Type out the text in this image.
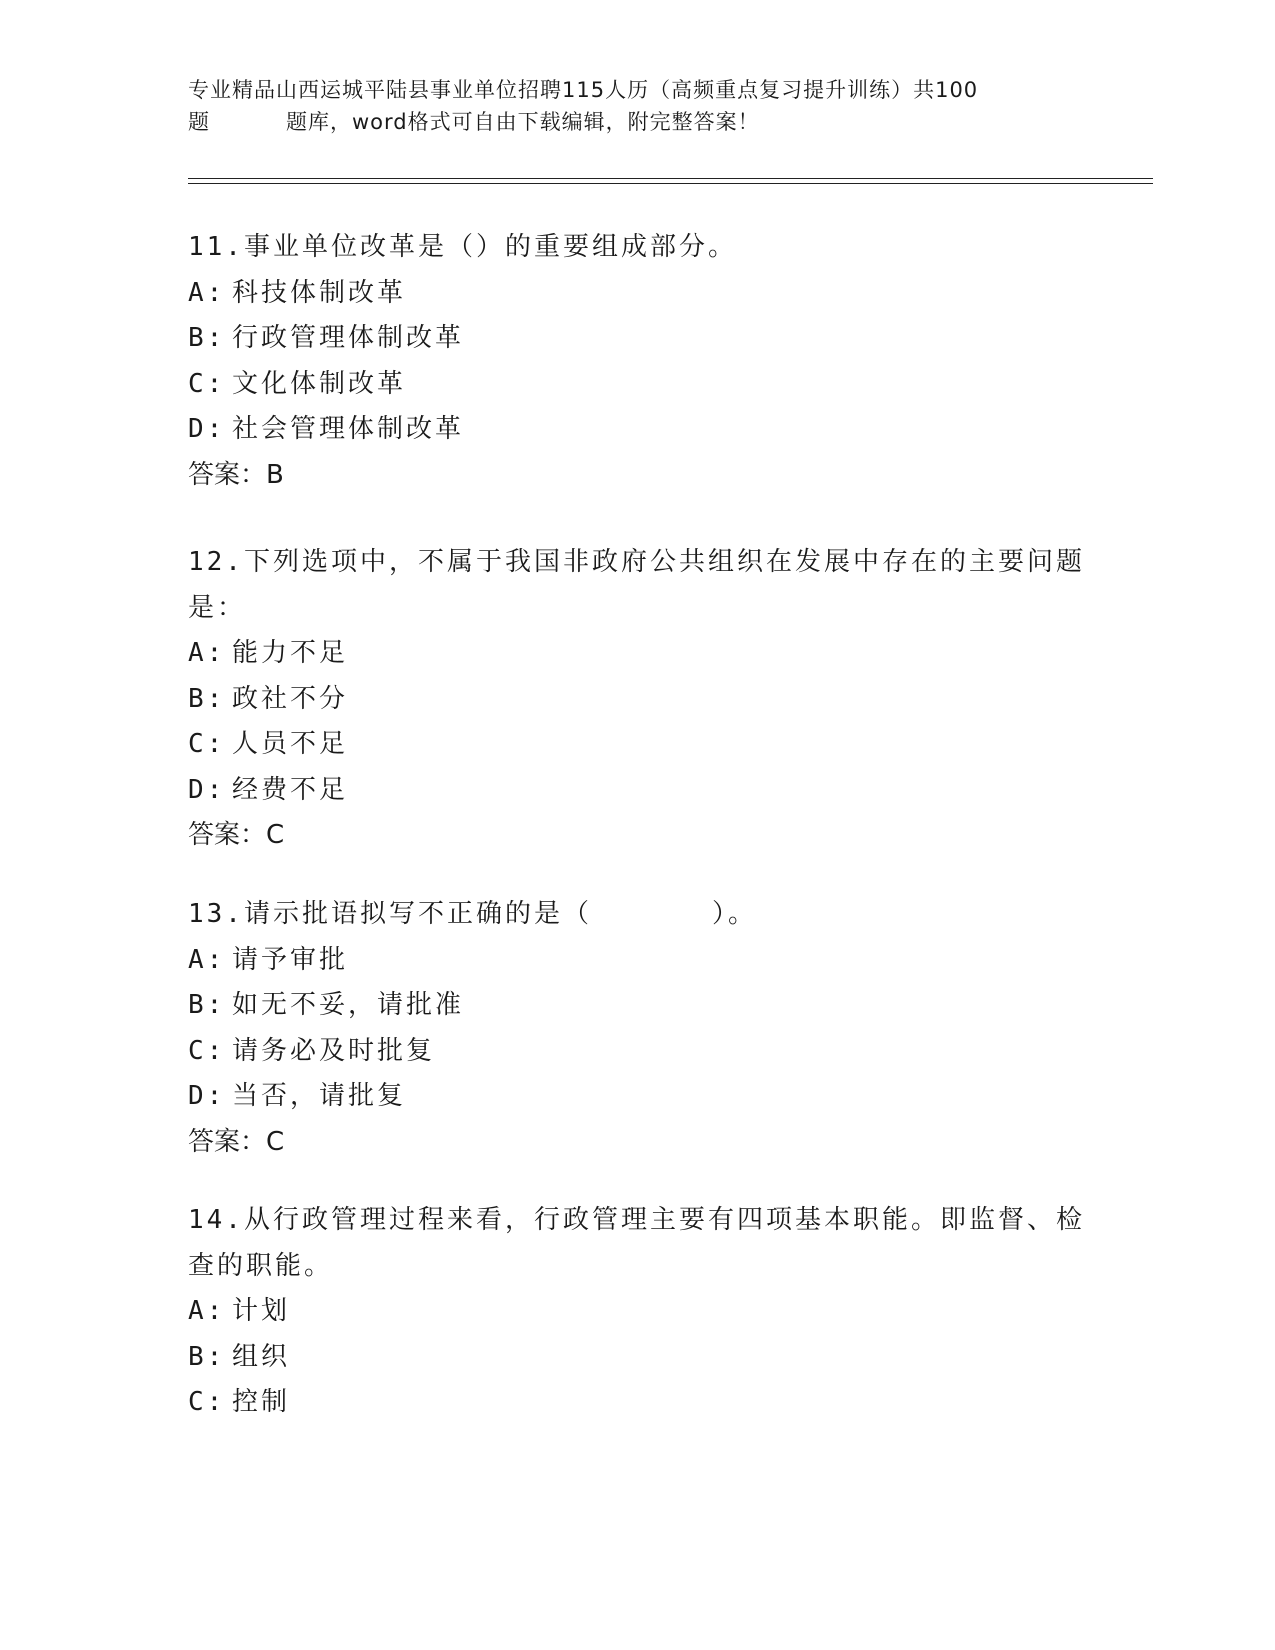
专业精品山西运城平陆县事业单位招聘115人历（高频重点复习提升训练）共100
题	题库，word格式可自由下载编辑，附完整答案！
11.事业单位改革是（）的重要组成部分。
A: 科技体制改革
B: 行政管理体制改革
C: 文化体制改革
D: 社会管理体制改革
答案：B
12.下列选项中，不属于我国非政府公共组织在发展中存在的主要问题
是：
A: 能力不足
B: 政社不分
C: 人员不足
D: 经费不足
答案：C
13.请示批语拟写不正确的是（	）。
A: 请予审批
B: 如无不妥，请批准
C: 请务必及时批复
D: 当否，请批复
答案：C
14.从行政管理过程来看，行政管理主要有四项基本职能。即监督、检
查的职能。
A: 计划
B: 组织
C: 控制
